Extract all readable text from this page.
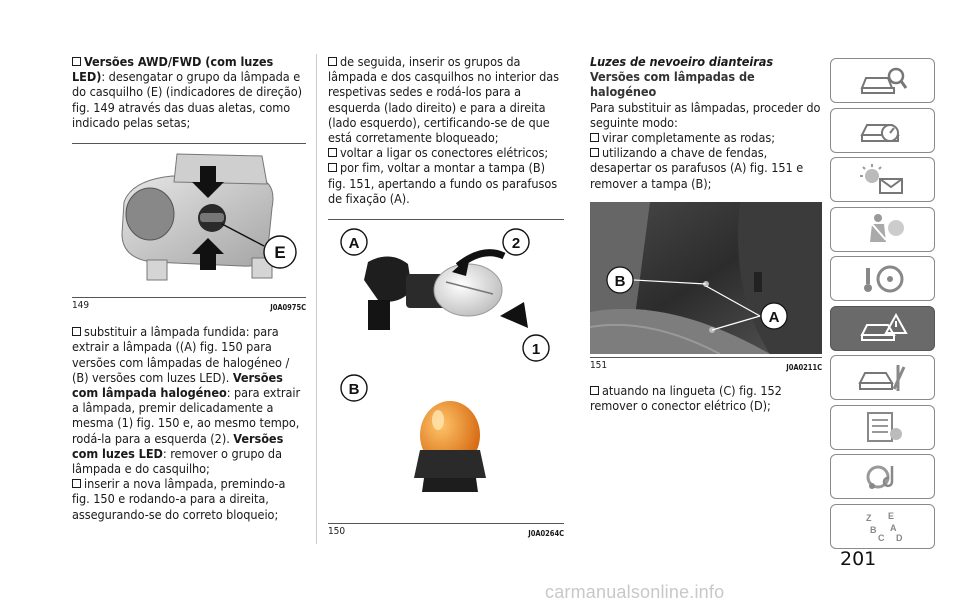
Versões AWD/FWD (com luzes LED): desengatar o grupo da lâmpada e do casquilho (E) (indicadores de direção) fig. 149 através das duas aletas, como indicado pelas setas;

E
149	J0A0975C

substituir a lâmpada fundida: para extrair a lâmpada ((A) fig. 150 para versões com lâmpadas de halogéneo / (B) versões com luzes LED). Versões com lâmpada halogéneo: para extrair a lâmpada, premir delicadamente a mesma (1) fig. 150 e, ao mesmo tempo, rodá-la para a esquerda (2). Versões com luzes LED: remover o grupo da lâmpada e do casquilho;

inserir a nova lâmpada, premindo-a fig. 150 e rodando-a para a direita, assegurando-se do correto bloqueio;

de seguida, inserir os grupos da lâmpada e dos casquilhos no interior das respetivas sedes e rodá-los para a esquerda (lado direito) e para a direita (lado esquerdo), certificando-se de que está corretamente bloqueado;

voltar a ligar os conectores elétricos;

por fim, voltar a montar a tampa (B) fig. 151, apertando a fundo os parafusos de fixação (A).

A	2
1
B
150	J0A0264C

Luzes de nevoeiro dianteiras

Versões com lâmpadas de halogéneo

Para substituir as lâmpadas, proceder do seguinte modo:

virar completamente as rodas;

utilizando a chave de fendas, desapertar os parafusos (A) fig. 151 e remover a tampa (B);

B
A
151	J0A0211C

atuando na lingueta (C) fig. 152 remover o conector elétrico (D);

Z E
B A
C D
201
carmanualsonline.info
